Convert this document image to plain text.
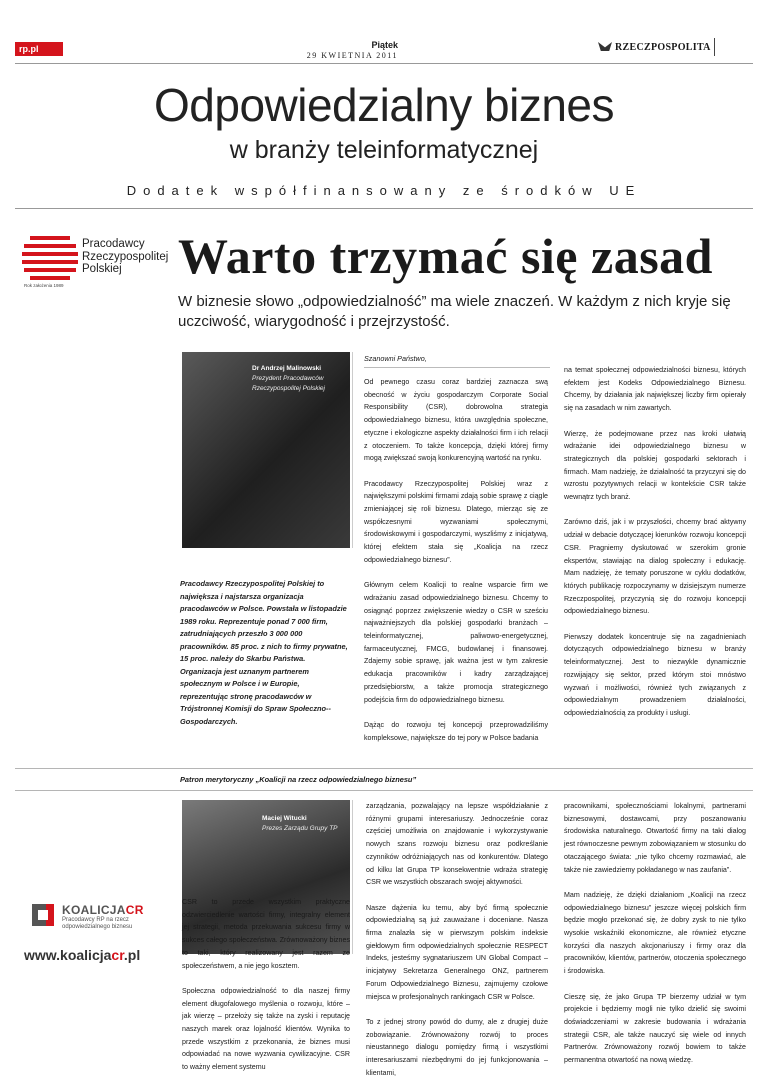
rp.pl	Piątek
29 KWIETNIA 2011
RZECZPOSPOLITA
Odpowiedzialny biznes
w branży teleinformatycznej
Dodatek współfinansowany ze środków UE
Pracodawcy
Rzeczypospolitej
Polskiej
Rok założenia 1989
Warto trzymać się zasad
W biznesie słowo „odpowiedzialność” ma wiele znaczeń. W każdym z nich kryje się uczciwość, wiarygodność i przejrzystość.
Dr Andrzej Malinowski
Prezydent Pracodawców
Rzeczypospolitej Polskiej
Pracodawcy Rzeczypospolitej Polskiej to największa i najstarsza organizacja pracodawców w Polsce. Powstała w listopadzie 1989 roku. Reprezentuje ponad 7 000 firm, zatrudniających przeszło 3 000 000 pracowników. 85 proc. z nich to firmy prywatne, 15 proc. należy do Skarbu Państwa. Organizacja jest uznanym partnerem społecznym w Polsce i w Europie, reprezentując stronę pracodawców w Trójstronnej Komisji do Spraw Społeczno--Gospodarczych.
Szanowni Państwo,

Od pewnego czasu coraz bardziej zaznacza swą obecność w życiu gospodarczym Corporate Social Responsibility (CSR), dobrowolna strategia odpowiedzialnego biznesu, która uwzględnia społeczne, etyczne i ekologiczne aspekty działalności firm i ich relacji z otoczeniem. To także koncepcja, dzięki której firmy mogą zwiększać swoją konkurencyjną wartość na rynku.

Pracodawcy Rzeczypospolitej Polskiej wraz z największymi polskimi firmami zdają sobie sprawę z ciągle zmieniającej się roli biznesu. Dlatego, mierząc się ze współczesnymi wyzwaniami społecznymi, środowiskowymi i gospodarczymi, wyszliśmy z inicjatywą, której efektem stała się „Koalicja na rzecz odpowiedzialnego biznesu”.

Głównym celem Koalicji to realne wsparcie firm we wdrażaniu zasad odpowiedzialnego biznesu. Chcemy to osiągnąć poprzez zwiększenie wiedzy o CSR w sześciu najważniejszych dla polskiej gospodarki branżach – teleinformatycznej, paliwowo-energetycznej, farmaceutycznej, FMCG, budowlanej i finansowej. Zdajemy sobie sprawę, jak ważna jest w tym zakresie edukacja pracowników i kadry zarządzającej przedsiębiorstw, a także promocja strategicznego podejścia firm do odpowiedzialnego biznesu.

Dążąc do rozwoju tej koncepcji przeprowadziliśmy kompleksowe, największe do tej pory w Polsce badania

na temat społecznej odpowiedzialności biznesu, których efektem jest Kodeks Odpowiedzialnego Biznesu. Chcemy, by działania jak największej liczby firm opierały się na zasadach w nim zawartych.

Wierzę, że podejmowane przez nas kroki ułatwią wdrażanie idei odpowiedzialnego biznesu w strategicznych dla polskiej gospodarki sektorach i firmach. Mam nadzieję, że działalność ta przyczyni się do wzrostu pozytywnych relacji w kontekście CSR także wewnątrz tych branż.

Zarówno dziś, jak i w przyszłości, chcemy brać aktywny udział w debacie dotyczącej kierunków rozwoju koncepcji CSR. Pragniemy dyskutować w szerokim gronie ekspertów, stawiając na dialog społeczny i edukację. Mam nadzieję, że tematy poruszone w cyklu dodatków, których publikację rozpoczynamy w dzisiejszym numerze Rzeczpospolitej, przyczynią się do rozwoju koncepcji odpowiedzialnego biznesu.

Pierwszy dodatek koncentruje się na zagadnieniach dotyczących odpowiedzialnego biznesu w branży teleinformatycznej. Jest to niezwykle dynamicznie rozwijający się sektor, przed którym stoi mnóstwo wyzwań i możliwości, również tych związanych z odpowiedzialnym prowadzeniem działalności, odpowiedzialnością za produkty i usługi.

Patron merytoryczny „Koalicji na rzecz odpowiedzialnego biznesu”
Maciej Witucki
Prezes Zarządu Grupy TP
KOALICJACR
Pracodawcy RP na rzecz
odpowiedzialnego biznesu
www.koalicjacr.pl

CSR to przede wszystkim praktyczne odzwierciedlenie wartości firmy, integralny element jej strategii, metoda przekuwania sukcesu firmy w sukces całego społeczeństwa. Zrównoważony biznes to taki, który realizowany jest razem ze społeczeństwem, a nie jego kosztem.

Społeczna odpowiedzialność to dla naszej firmy element długofalowego myślenia o rozwoju, które – jak wierzę – przełoży się także na zyski i reputację naszych marek oraz lojalność klientów. Wynika to przede wszystkim z przekonania, że biznes musi odpowiadać na nowe wyzwania cywilizacyjne. CSR to ważny element systemu

zarządzania, pozwalający na lepsze współdziałanie z różnymi grupami interesariuszy. Jednocześnie coraz częściej umożliwia on znajdowanie i wykorzystywanie nowych szans rozwoju biznesu oraz podkreślanie czynników odróżniających nas od konkurentów. Dlatego od kilku lat Grupa TP konsekwentnie wdraża strategię CSR we wszystkich obszarach swojej aktywności.

Nasze dążenia ku temu, aby być firmą społecznie odpowiedzialną są już zauważane i doceniane. Nasza firma znalazła się w pierwszym polskim indeksie giełdowym firm odpowiedzialnych społecznie RESPECT Indeks, jesteśmy sygnatariuszem UN Global Compact – inicjatywy Sekretarza Generalnego ONZ, partnerem Forum Odpowiedzialnego Biznesu, zajmujemy czołowe miejsca w profesjonalnych rankingach CSR w Polsce.

To z jednej strony powód do dumy, ale z drugiej duże zobowiązanie. Zrównoważony rozwój to proces nieustannego dialogu pomiędzy firmą i wszystkimi interesariuszami niezbędnymi do jej funkcjonowania – klientami,

pracownikami, społecznościami lokalnymi, partnerami biznesowymi, dostawcami, przy poszanowaniu środowiska naturalnego. Otwartość firmy na taki dialog jest równoczesne pewnym zobowiązaniem w stosunku do otaczającego świata: „nie tylko chcemy rozmawiać, ale także nie zawiedziemy pokładanego w nas zaufania”.

Mam nadzieję, że dzięki działaniom „Koalicji na rzecz odpowiedzialnego biznesu” jeszcze więcej polskich firm będzie mogło przekonać się, że dobry zysk to nie tylko wysokie wskaźniki ekonomiczne, ale również etyczne korzyści dla naszych akcjonariuszy i firmy oraz dla pracowników, klientów, partnerów, otoczenia społecznego i środowiska.

Cieszę się, że jako Grupa TP bierzemy udział w tym projekcie i będziemy mogli nie tylko dzielić się swoimi doświadczeniami w zakresie budowania i wdrażania strategii CSR, ale także nauczyć się wiele od innych Partnerów. Zrównoważony rozwój bowiem to także permanentna otwartość na nową wiedzę.
